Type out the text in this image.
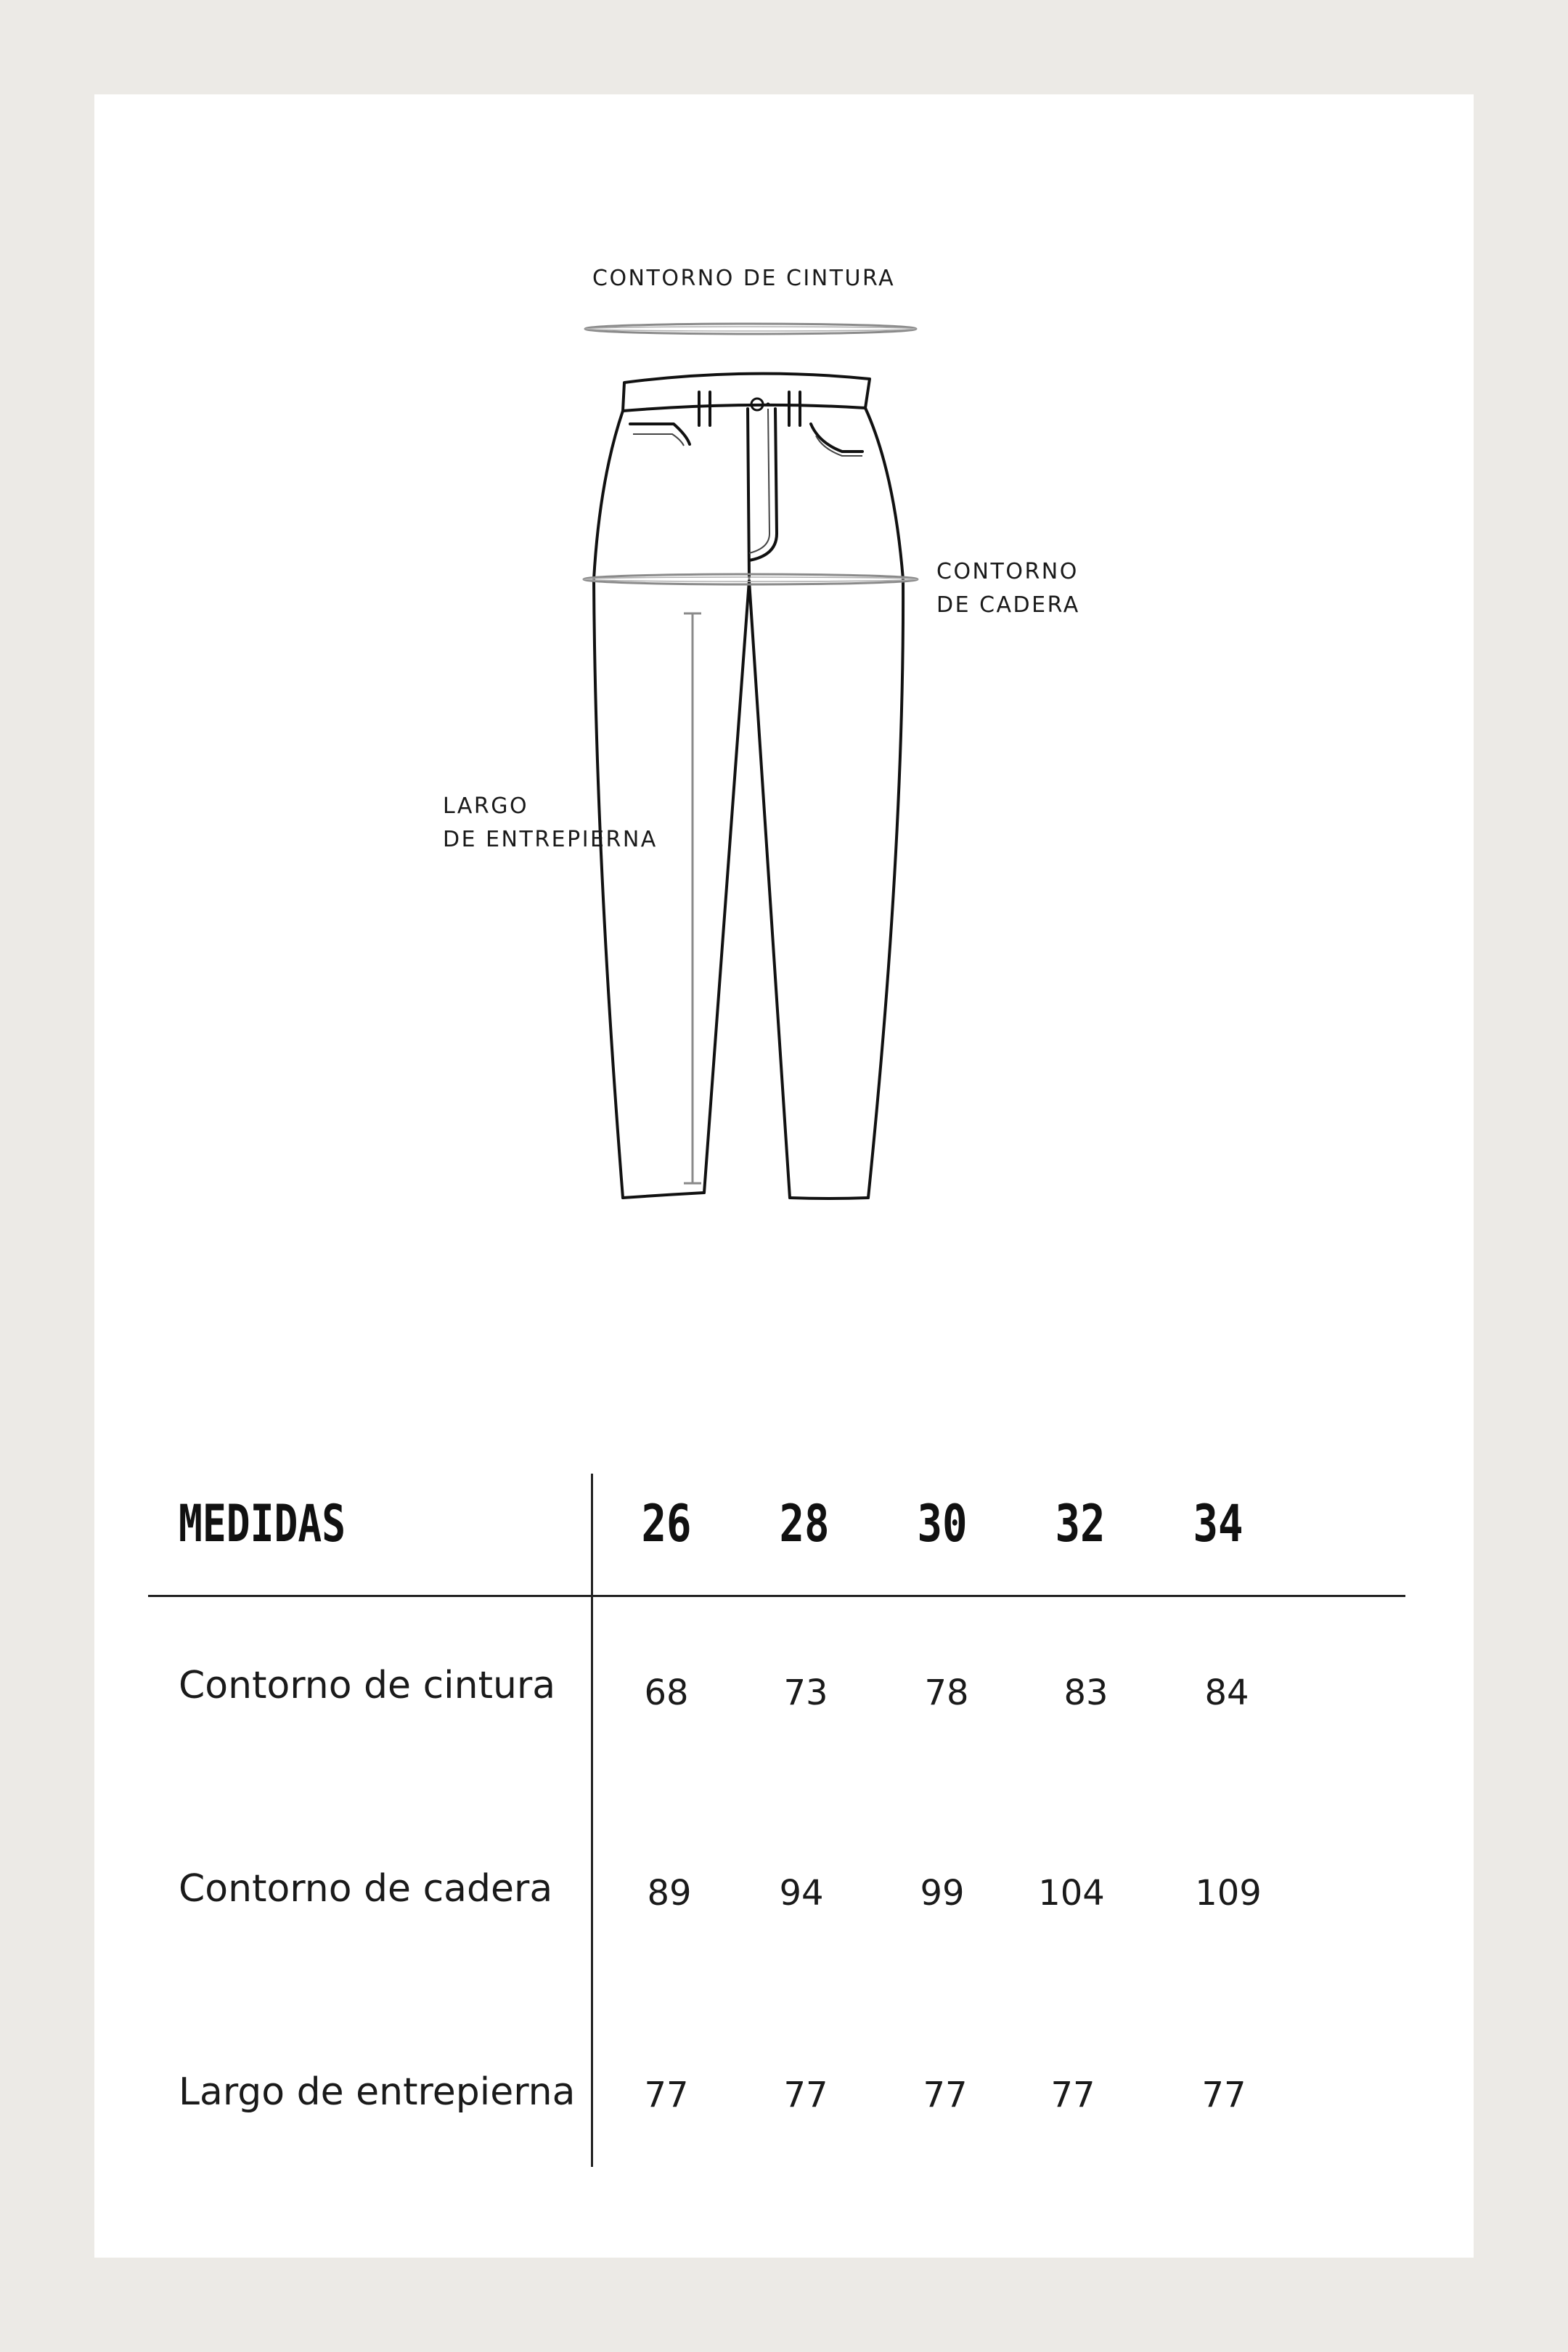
CONTORNO DE CINTURA
CONTORNO
DE CADERA
LARGO
DE ENTREPIERNA
MEDIDAS	26 28 30 32 34
Contorno de cintura	68	73	78	83	84
Contorno de cadera	89	94	99 104	109
Largo de entrepierna 77	77	77 77	77
